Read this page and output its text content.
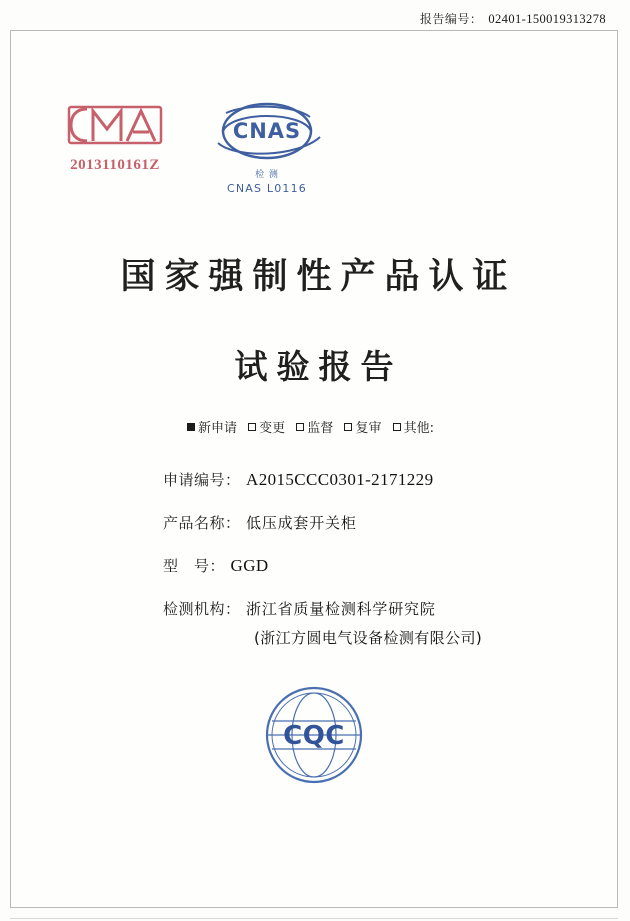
报告编号： 02401-150019313278
2013110161Z
CNAS
检 测
CNAS L0116
国家强制性产品认证
试验报告
新申请 变更 监督 复审 其他:
申请编号 ： A2015CCC0301-2171229
产品名称 ： 低压成套开关柜
型　号 ： GGD
检测机构 ： 浙江省质量检测科学研究院
(浙江方圆电气设备检测有限公司)
CQC
